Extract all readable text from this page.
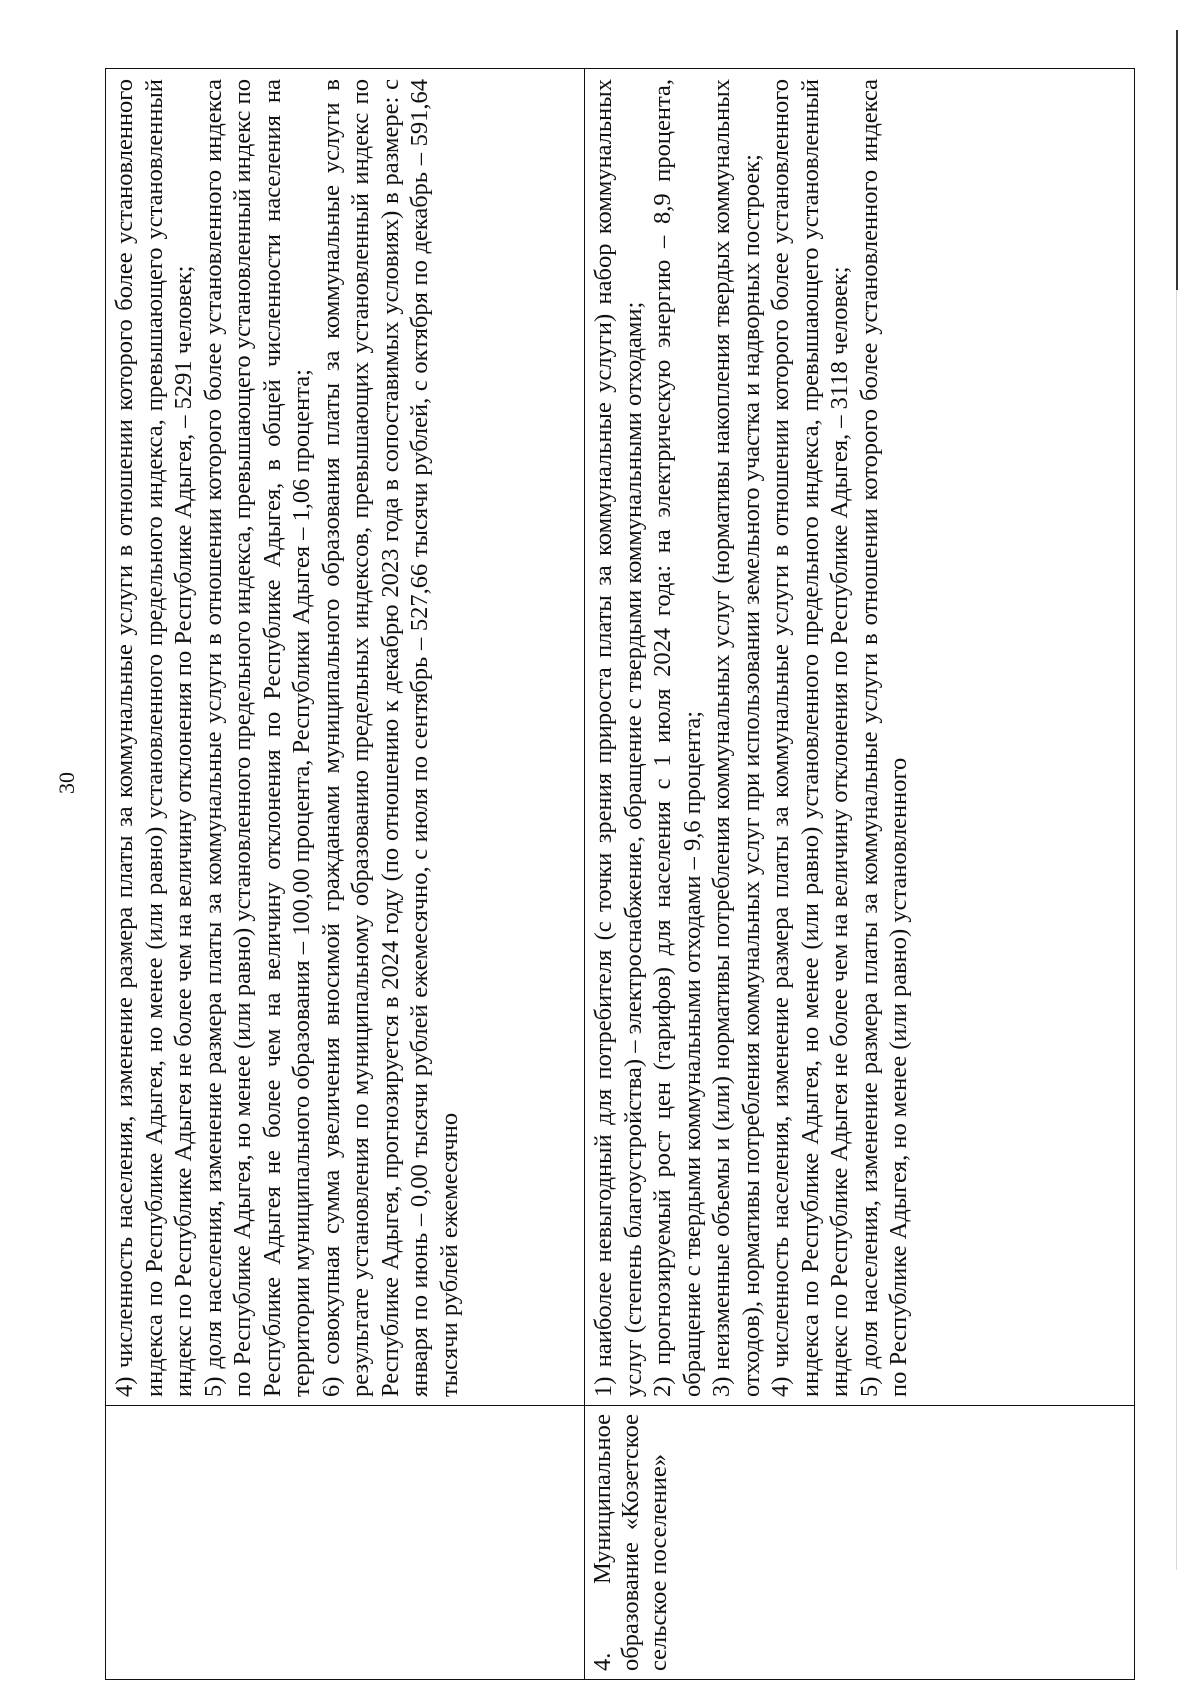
30 4) численность населения, изменение размера платы за коммунальные услуги в отношении которого более установленного индекса по Республике Адыгея, но менее (или равно) установленного предельного индекса, превышающего установленный индекс по Республике Адыгея не более чем на величину отклонения по Республике Адыгея, – 5291 человек; 5) доля населения, изменение размера платы за коммунальные услуги в отношении которого более установленного индекса по Республике Адыгея, но менее (или равно) установленного предельного индекса, превышающего установленный индекс по Республике Адыгея не более чем на величину отклонения по Республике Адыгея, в общей численности населения на территории муниципального образования – 100,00 процента, Республики Адыгея – 1,06 процента; 6) совокупная сумма увеличения вносимой гражданами муниципального образования платы за коммунальные услуги в результате установления по муниципальному образованию предельных индексов, превышающих установленный индекс по Республике Адыгея, прогнозируется в 2024 году (по отношению к декабрю 2023 года в сопоставимых условиях) в размере: с января по июнь – 0,00 тысячи рублей ежемесячно, с июля по сентябрь – 527,66 тысячи рублей, с октября по декабрь – 591,64 тысячи рублей ежемесячно

4. Муниципальное образование «Козетское сельское поселение»

1) наиболее невыгодный для потребителя (с точки зрения прироста платы за коммунальные услуги) набор коммунальных услуг (степень благоустройства) – электроснабжение, обращение с твердыми коммунальными отходами; 2) прогнозируемый рост цен (тарифов) для населения с 1 июля 2024 года: на электрическую энергию – 8,9 процента, обращение с твердыми коммунальными отходами – 9,6 процента; 3) неизменные объемы и (или) нормативы потребления коммунальных услуг (нормативы накопления твердых коммунальных отходов), нормативы потребления коммунальных услуг при использовании земельного участка и надворных построек; 4) численность населения, изменение размера платы за коммунальные услуги в отношении которого более установленного индекса по Республике Адыгея, но менее (или равно) установленного предельного индекса, превышающего установленный индекс по Республике Адыгея не более чем на величину отклонения по Республике Адыгея, – 3118 человек; 5) доля населения, изменение размера платы за коммунальные услуги в отношении которого более установленного индекса по Республике Адыгея, но менее (или равно) установленного
